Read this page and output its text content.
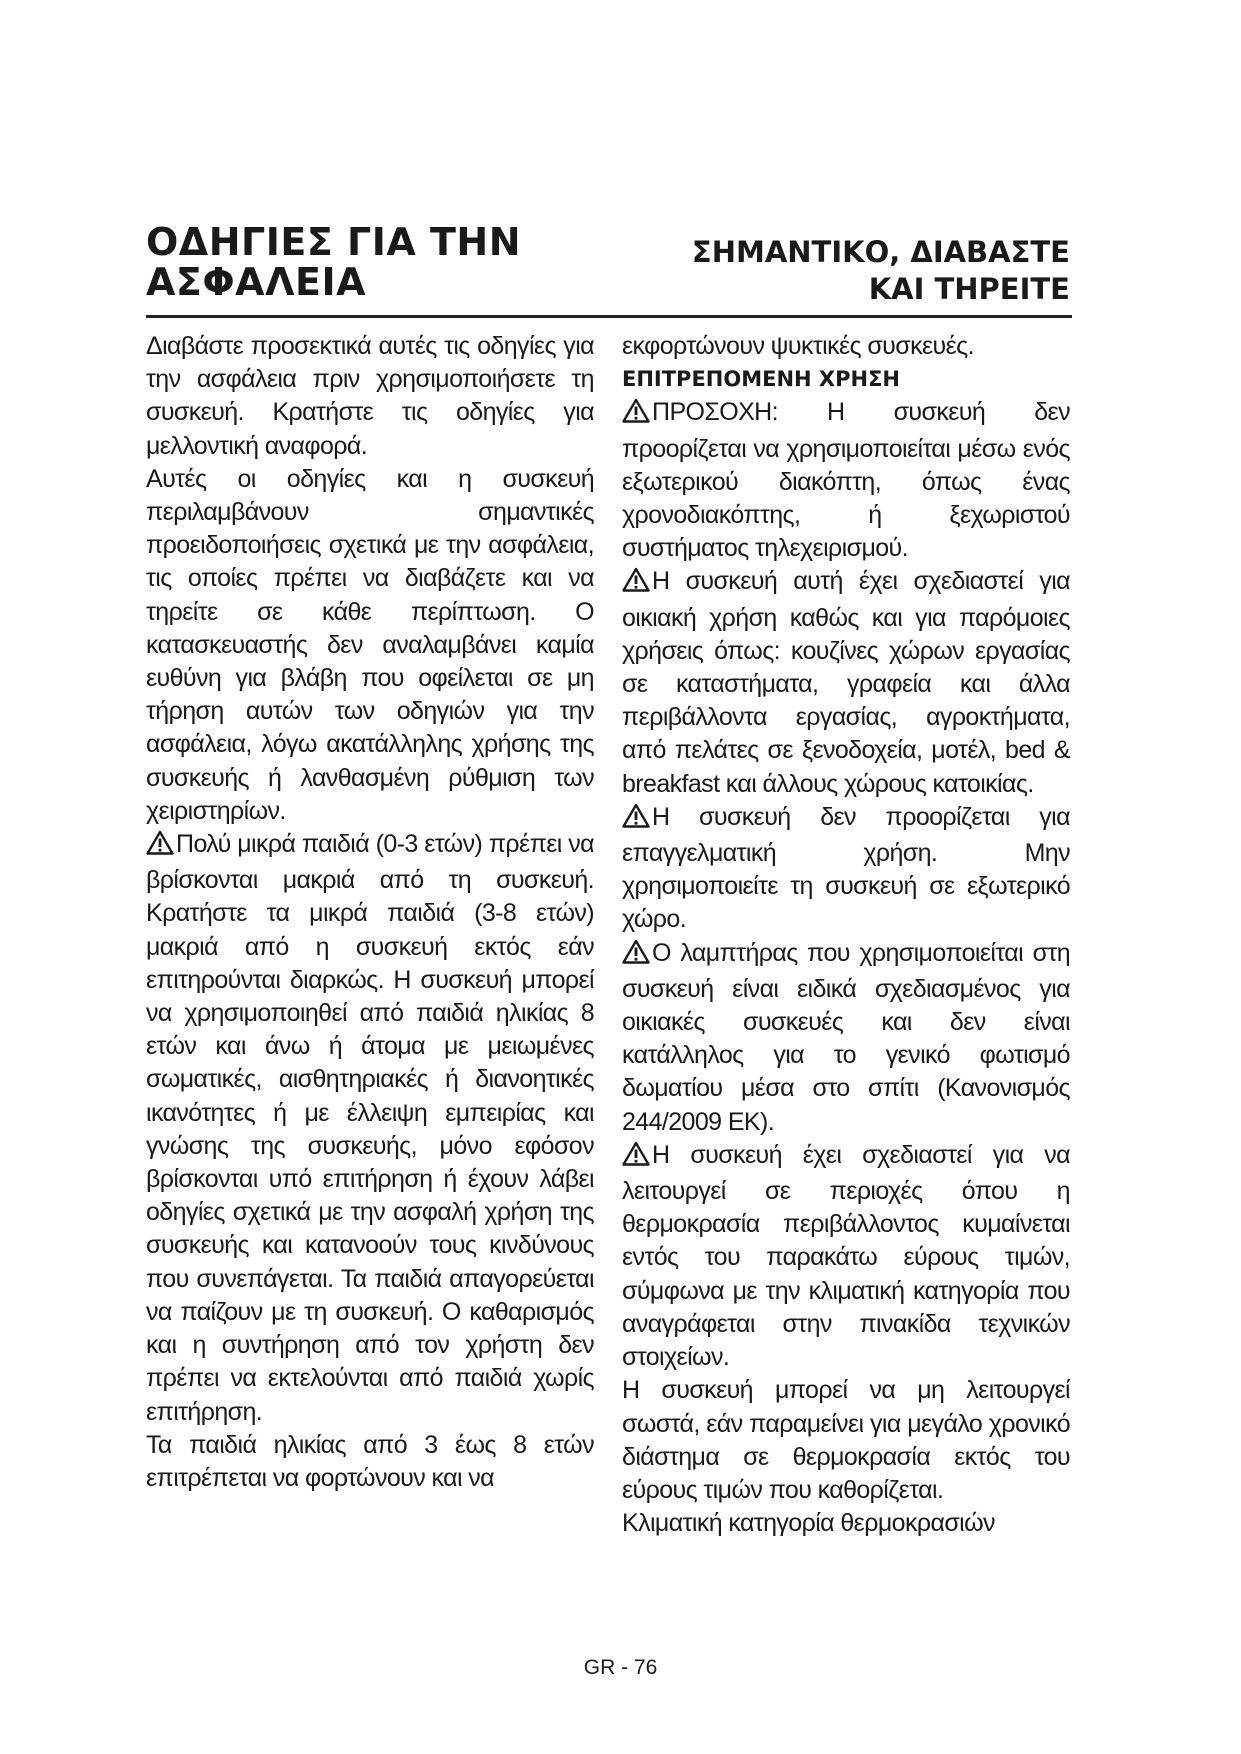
ΟΔΗΓΙΕΣ ΓΙΑ ΤΗΝ
ΑΣΦΑΛΕΙΑ
ΣΗΜΑΝΤΙΚΟ, ΔΙΑΒΑΣΤΕ
ΚΑΙ ΤΗΡΕΙΤΕ

Διαβάστε προσεκτικά αυτές τις οδηγίες για την ασφάλεια πριν χρησιμοποιήσετε τη συσκευή. Κρατήστε τις οδηγίες για μελλοντική αναφορά.

Αυτές οι οδηγίες και η συσκευή περιλαμβάνουν σημαντικές προειδοποιήσεις σχετικά με την ασφάλεια, τις οποίες πρέπει να διαβάζετε και να τηρείτε σε κάθε περίπτωση. Ο κατασκευαστής δεν αναλαμβάνει καμία ευθύνη για βλάβη που οφείλεται σε μη τήρηση αυτών των οδηγιών για την ασφάλεια, λόγω ακατάλληλης χρήσης της συσκευής ή λανθασμένη ρύθμιση των χειριστηρίων.

Πολύ μικρά παιδιά (0-3 ετών) πρέπει να βρίσκονται μακριά από τη συσκευή. Κρατήστε τα μικρά παιδιά (3-8 ετών) μακριά από η συσκευή εκτός εάν επιτηρούνται διαρκώς. Η συσκευή μπορεί να χρησιμοποιηθεί από παιδιά ηλικίας 8 ετών και άνω ή άτομα με μειωμένες σωματικές, αισθητηριακές ή διανοητικές ικανότητες ή με έλλειψη εμπειρίας και γνώσης της συσκευής, μόνο εφόσον βρίσκονται υπό επιτήρηση ή έχουν λάβει οδηγίες σχετικά με την ασφαλή χρήση της συσκευής και κατανοούν τους κινδύνους που συνεπάγεται. Τα παιδιά απαγορεύεται να παίζουν με τη συσκευή. Ο καθαρισμός και η συντήρηση από τον χρήστη δεν πρέπει να εκτελούνται από παιδιά χωρίς επιτήρηση.

Τα παιδιά ηλικίας από 3 έως 8 ετών επιτρέπεται να φορτώνουν και να

εκφορτώνουν ψυκτικές συσκευές.

ΕΠΙΤΡΕΠΟΜΕΝΗ ΧΡΗΣΗ

ΠΡΟΣΟΧΗ: Η συσκευή δεν προορίζεται να χρησιμοποιείται μέσω ενός εξωτερικού διακόπτη, όπως ένας χρονοδιακόπτης, ή ξεχωριστού συστήματος τηλεχειρισμού.

Η συσκευή αυτή έχει σχεδιαστεί για οικιακή χρήση καθώς και για παρόμοιες χρήσεις όπως: κουζίνες χώρων εργασίας σε καταστήματα, γραφεία και άλλα περιβάλλοντα εργασίας, αγροκτήματα, από πελάτες σε ξενοδοχεία, μοτέλ, bed & breakfast και άλλους χώρους κατοικίας.

Η συσκευή δεν προορίζεται για επαγγελματική χρήση. Μην χρησιμοποιείτε τη συσκευή σε εξωτερικό χώρο.

Ο λαμπτήρας που χρησιμοποιείται στη συσκευή είναι ειδικά σχεδιασμένος για οικιακές συσκευές και δεν είναι κατάλληλος για το γενικό φωτισμό δωματίου μέσα στο σπίτι (Κανονισμός 244/2009 ΕΚ).

Η συσκευή έχει σχεδιαστεί για να λειτουργεί σε περιοχές όπου η θερμοκρασία περιβάλλοντος κυμαίνεται εντός του παρακάτω εύρους τιμών, σύμφωνα με την κλιματική κατηγορία που αναγράφεται στην πινακίδα τεχνικών στοιχείων.

Η συσκευή μπορεί να μη λειτουργεί σωστά, εάν παραμείνει για μεγάλο χρονικό διάστημα σε θερμοκρασία εκτός του εύρους τιμών που καθορίζεται.

Κλιματική κατηγορία θερμοκρασιών

GR - 76
